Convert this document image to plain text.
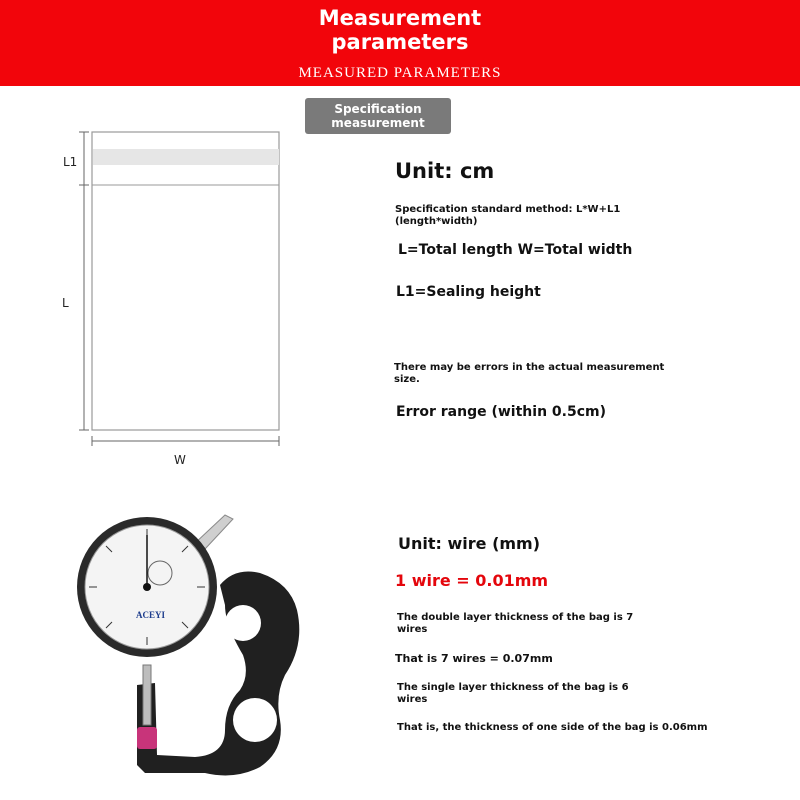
Measurement
parameters
MEASURED PARAMETERS
Specification
measurement
L1
L
W
Unit: cm
Specification standard method: L*W+L1
(length*width)
L=Total length W=Total width
L1=Sealing height
There may be errors in the actual measurement
size.
Error range (within 0.5cm)
ACEYI
Unit: wire (mm)
1 wire = 0.01mm
The double layer thickness of the bag is 7
wires
That is 7 wires = 0.07mm
The single layer thickness of the bag is 6
wires
That is, the thickness of one side of the bag is 0.06mm
